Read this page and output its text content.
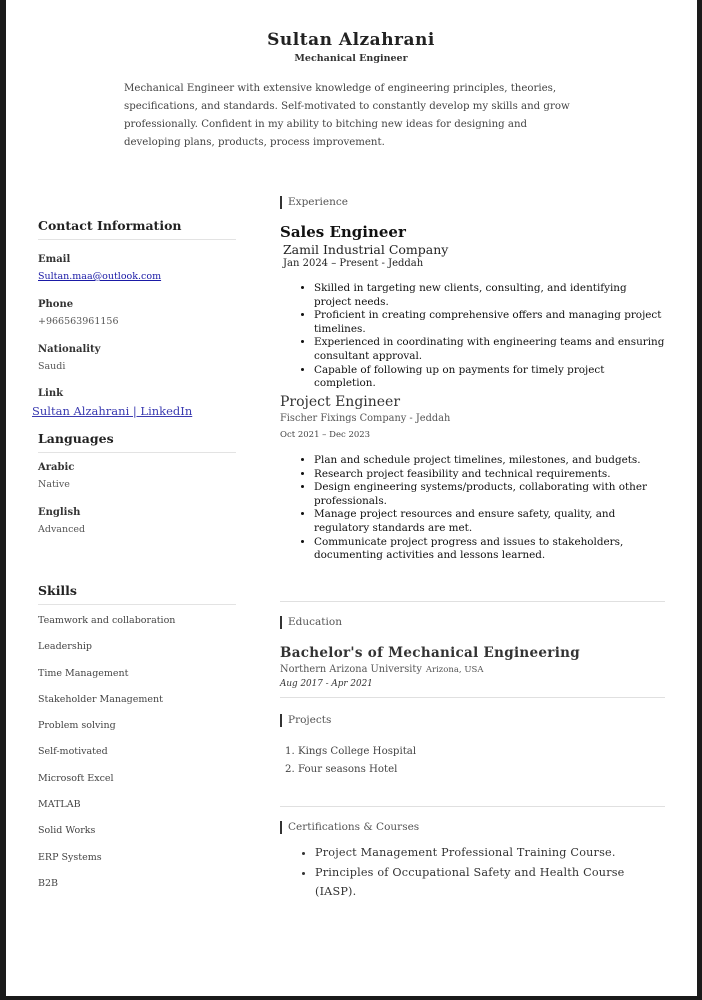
Sultan Alzahrani
Mechanical Engineer
Mechanical Engineer with extensive knowledge of engineering principles, theories, specifications, and standards. Self-motivated to constantly develop my skills and grow professionally. Confident in my ability to bitching new ideas for designing and developing plans, products, process improvement.
Contact Information
Email
Sultan.maa@outlook.com
Phone
+966563961156
Nationality
Saudi
Link
Sultan Alzahrani | LinkedIn
Languages
Arabic
Native
English
Advanced
Skills
Teamwork and collaboration
Leadership
Time Management
Stakeholder Management
Problem solving
Self-motivated
Microsoft Excel
MATLAB
Solid Works
ERP Systems
B2B
Experience
Sales Engineer
Zamil Industrial Company
Jan 2024 – Present - Jeddah
• Skilled in targeting new clients, consulting, and identifying project needs.
• Proficient in creating comprehensive offers and managing project timelines.
• Experienced in coordinating with engineering teams and ensuring consultant approval.
• Capable of following up on payments for timely project completion.
Project Engineer
Fischer Fixings Company - Jeddah
Oct 2021 – Dec 2023
• Plan and schedule project timelines, milestones, and budgets.
• Research project feasibility and technical requirements.
• Design engineering systems/products, collaborating with other professionals.
• Manage project resources and ensure safety, quality, and regulatory standards are met.
• Communicate project progress and issues to stakeholders, documenting activities and lessons learned.
Education
Bachelor's of Mechanical Engineering
Northern Arizona University Arizona, USA
Aug 2017 - Apr 2021
Projects
1. Kings College Hospital
2. Four seasons Hotel
Certifications & Courses
• Project Management Professional Training Course.
• Principles of Occupational Safety and Health Course (IASP).
